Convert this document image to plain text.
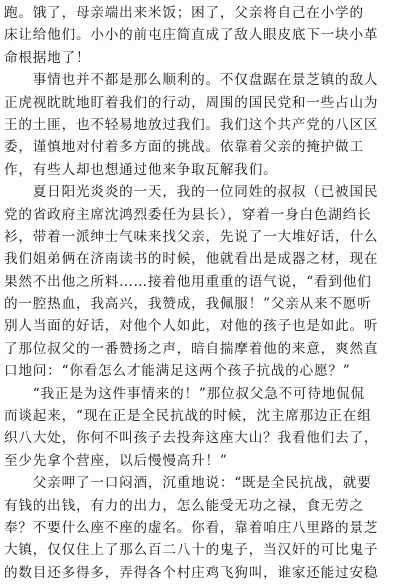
跑。饿了，母亲端出来米饭；困了，父亲将自己在小学的
床让给他们。小小的前屯庄简直成了敌人眼皮底下一块小革
命根据地了！
　　事情也并不都是那么顺利的。不仅盘踞在景芝镇的敌人
正虎视眈眈地盯着我们的行动，周围的国民党和一些占山为
王的土匪，也不轻易地放过我们。我们这个共产党的八区区
委，谨慎地对付着多方面的挑战。依靠着父亲的掩护做工
作，有些人却也想通过他来争取瓦解我们。
　　夏日阳光炎炎的一天，我的一位同姓的叔叔（已被国民
党的省政府主席沈鸿烈委任为县长），穿着一身白色湖绉长
衫，带着一派绅士气味来找父亲，先说了一大堆好话，什么
我们姐弟俩在济南读书的时候，他就看出是成器之材，现在
果然不出他之所料……接着他用重重的语气说，“看到他们
的一腔热血，我高兴，我赞成，我佩服！”父亲从来不愿听
别人当面的好话，对他个人如此，对他的孩子也是如此。听
了那位叔父的一番赞扬之声，暗自揣摩着他的来意，爽然直
口地问：“你看怎么才能满足这两个孩子抗战的心愿？”
　　“我正是为这件事情来的！”那位叔父急不可待地侃侃
而谈起来，“现在正是全民抗战的时候，沈主席那边正在组
织八大处，你何不叫孩子去投奔这座大山？我看他们去了，
至少先拿个营座，以后慢慢高升！”
　　父亲呷了一口闷酒，沉重地说：“既是全民抗战，就要
有钱的出钱，有力的出力，怎么能受无功之禄，食无劳之
奉？不要什么座不座的虚名。你看，靠着咱庄八里路的景芝
大镇，仅仅住上了那么百二八十的鬼子，当汉奸的可比鬼子
的数目还多得多，弄得各个村庄鸡飞狗叫，谁家还能过安稳
